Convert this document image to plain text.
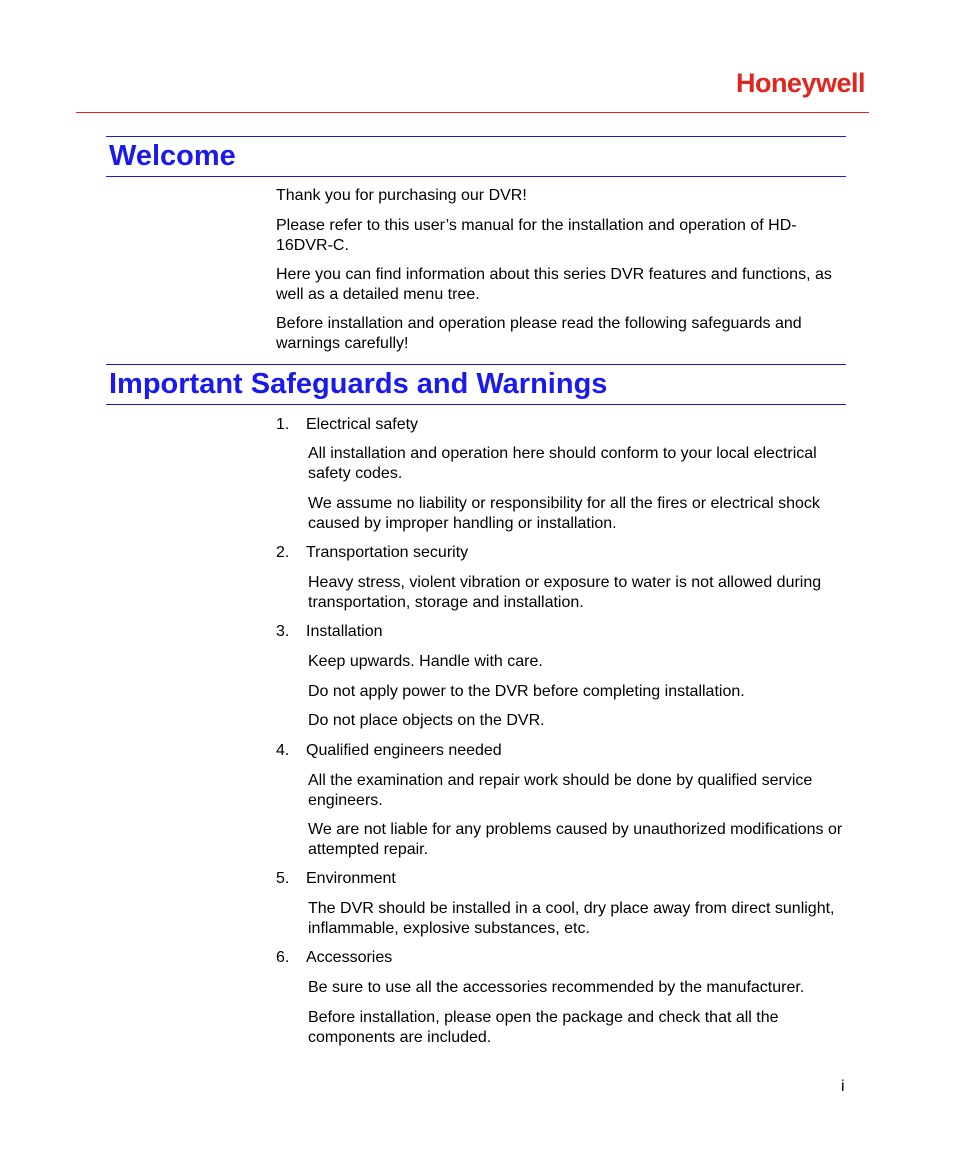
Honeywell
Welcome

Thank you for purchasing our DVR!

Please refer to this user’s manual for the installation and operation of HD-16DVR-C.

Here you can find information about this series DVR features and functions, as well as a detailed menu tree.

Before installation and operation please read the following safeguards and warnings carefully!

Important Safeguards and Warnings
1. Electrical safety

All installation and operation here should conform to your local electrical safety codes.

We assume no liability or responsibility for all the fires or electrical shock caused by improper handling or installation.

2. Transportation security

Heavy stress, violent vibration or exposure to water is not allowed during transportation, storage and installation.

3. Installation

Keep upwards. Handle with care.

Do not apply power to the DVR before completing installation.

Do not place objects on the DVR.

4. Qualified engineers needed

All the examination and repair work should be done by qualified service engineers.

We are not liable for any problems caused by unauthorized modifications or attempted repair.

5. Environment

The DVR should be installed in a cool, dry place away from direct sunlight, inflammable, explosive substances, etc.

6. Accessories

Be sure to use all the accessories recommended by the manufacturer.

Before installation, please open the package and check that all the components are included.

i
